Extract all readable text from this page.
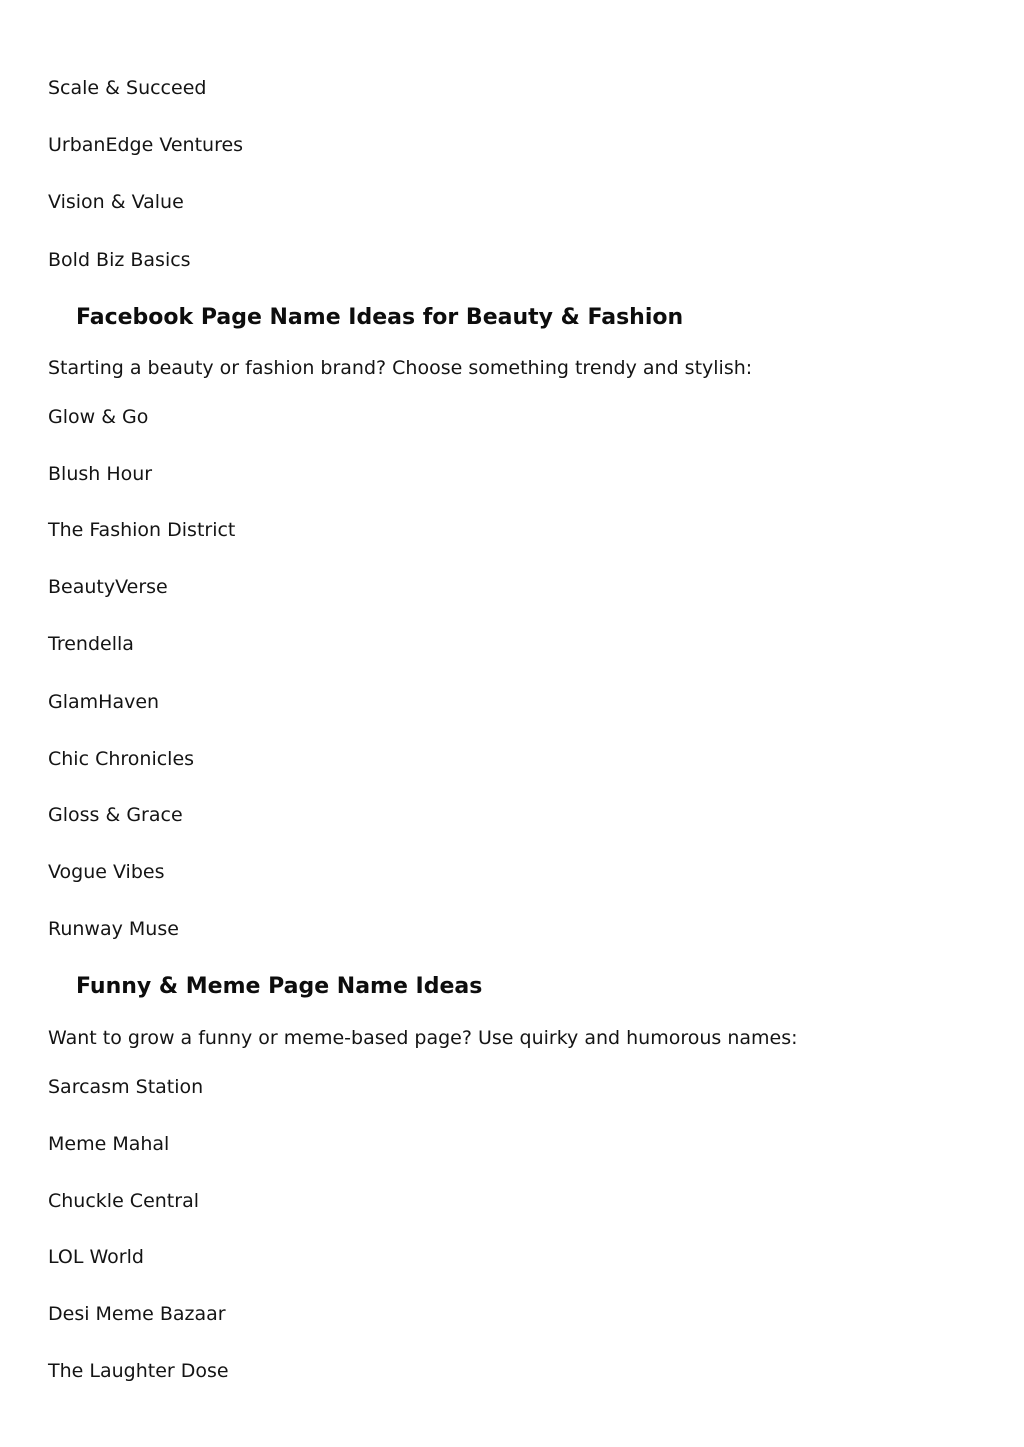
Scale & Succeed
UrbanEdge Ventures
Vision & Value
Bold Biz Basics
Facebook Page Name Ideas for Beauty & Fashion
Starting a beauty or fashion brand? Choose something trendy and stylish:
Glow & Go
Blush Hour
The Fashion District
BeautyVerse
Trendella
GlamHaven
Chic Chronicles
Gloss & Grace
Vogue Vibes
Runway Muse
Funny & Meme Page Name Ideas
Want to grow a funny or meme-based page? Use quirky and humorous names:
Sarcasm Station
Meme Mahal
Chuckle Central
LOL World
Desi Meme Bazaar
The Laughter Dose
